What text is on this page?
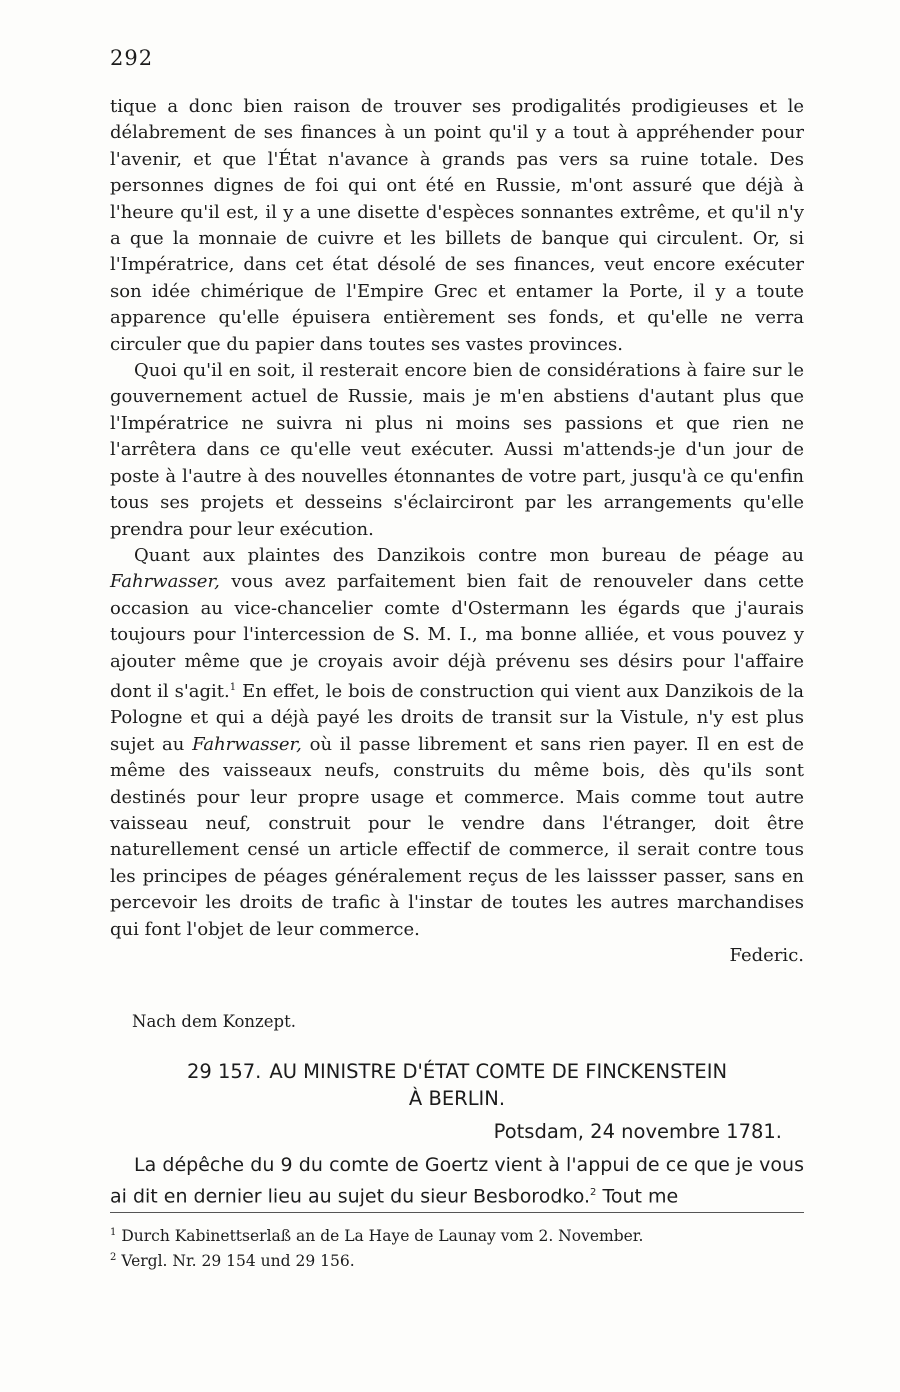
292

tique a donc bien raison de trouver ses prodigalités prodigieuses et le délabrement de ses finances à un point qu'il y a tout à appréhender pour l'avenir, et que l'État n'avance à grands pas vers sa ruine totale. Des personnes dignes de foi qui ont été en Russie, m'ont assuré que déjà à l'heure qu'il est, il y a une disette d'espèces sonnantes extrême, et qu'il n'y a que la monnaie de cuivre et les billets de banque qui circulent. Or, si l'Impératrice, dans cet état désolé de ses finances, veut encore exécuter son idée chimérique de l'Empire Grec et entamer la Porte, il y a toute apparence qu'elle épuisera entièrement ses fonds, et qu'elle ne verra circuler que du papier dans toutes ses vastes provinces.

Quoi qu'il en soit, il resterait encore bien de considérations à faire sur le gouvernement actuel de Russie, mais je m'en abstiens d'autant plus que l'Impératrice ne suivra ni plus ni moins ses passions et que rien ne l'arrêtera dans ce qu'elle veut exécuter. Aussi m'attends-je d'un jour de poste à l'autre à des nouvelles étonnantes de votre part, jusqu'à ce qu'enfin tous ses projets et desseins s'éclairciront par les arrangements qu'elle prendra pour leur exécution.

Quant aux plaintes des Danzikois contre mon bureau de péage au Fahrwasser, vous avez parfaitement bien fait de renouveler dans cette occasion au vice-chancelier comte d'Ostermann les égards que j'aurais toujours pour l'intercession de S. M. I., ma bonne alliée, et vous pouvez y ajouter même que je croyais avoir déjà prévenu ses désirs pour l'affaire dont il s'agit.$^1$ En effet, le bois de construction qui vient aux Danzikois de la Pologne et qui a déjà payé les droits de transit sur la Vistule, n'y est plus sujet au Fahrwasser, où il passe librement et sans rien payer. Il en est de même des vaisseaux neufs, construits du même bois, dès qu'ils sont destinés pour leur propre usage et commerce. Mais comme tout autre vaisseau neuf, construit pour le vendre dans l'étranger, doit être naturellement censé un article effectif de commerce, il serait contre tous les principes de péages généralement reçus de les laissser passer, sans en percevoir les droits de trafic à l'instar de toutes les autres marchandises qui font l'objet de leur commerce.

Federic.

Nach dem Konzept.
29 157. AU MINISTRE D'ÉTAT COMTE DE FINCKENSTEIN
À BERLIN.
Potsdam, 24 novembre 1781.
La dépêche du 9 du comte de Goertz vient à l'appui de ce que je vous ai dit en dernier lieu au sujet du sieur Besborodko.$^2$ Tout me
$^1$ Durch Kabinettserlaß an de La Haye de Launay vom 2. November.
$^2$ Vergl. Nr. 29 154 und 29 156.
